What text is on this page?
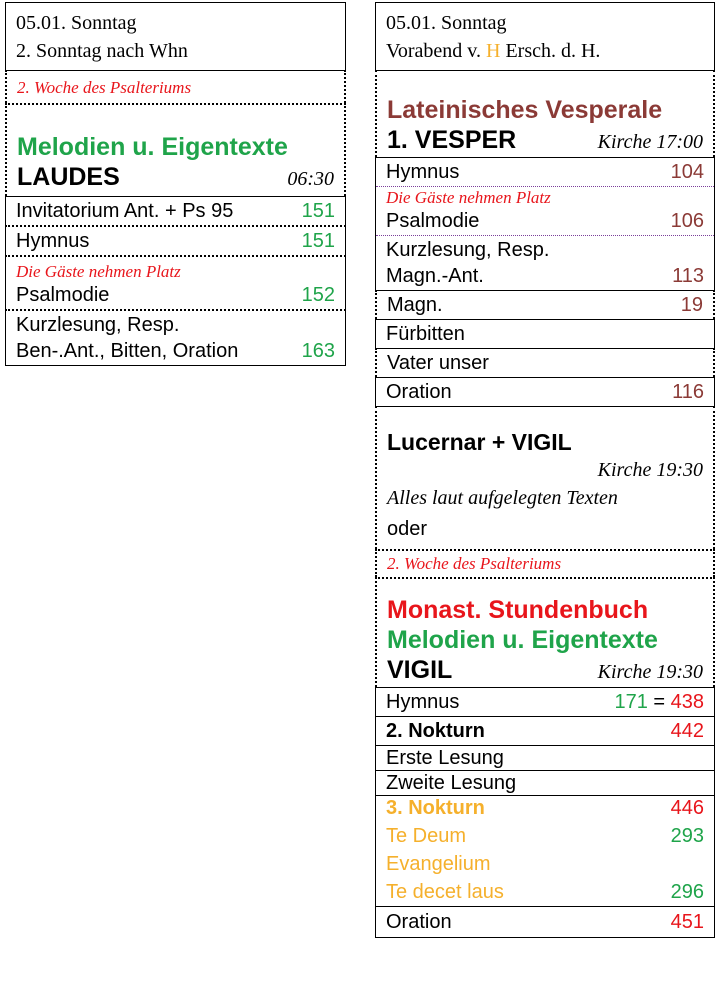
05.01. Sonntag
2. Sonntag nach Whn
2. Woche des Psalteriums
Melodien u. Eigentexte
LAUDES	06:30
Invitatorium Ant. + Ps 95	151
Hymnus	151
Die Gäste nehmen Platz
Psalmodie	152
Kurzlesung, Resp.
Ben-.Ant., Bitten, Oration	163
05.01. Sonntag
Vorabend v. H Ersch. d. H.
Lateinisches Vesperale
1. VESPER	Kirche 17:00
Hymnus	104
Die Gäste nehmen Platz
Psalmodie	106
Kurzlesung, Resp.
Magn.-Ant.	113
Magn.	19
Fürbitten
Vater unser
Oration	116
Lucernar + VIGIL
Kirche 19:30
Alles laut aufgelegten Texten
oder
2. Woche des Psalteriums
Monast. Stundenbuch
Melodien u. Eigentexte
VIGIL	Kirche 19:30
Hymnus	171 = 438
2. Nokturn	442
Erste Lesung
Zweite Lesung
3. Nokturn	446
Te Deum	293
Evangelium
Te decet laus	296
Oration	451
